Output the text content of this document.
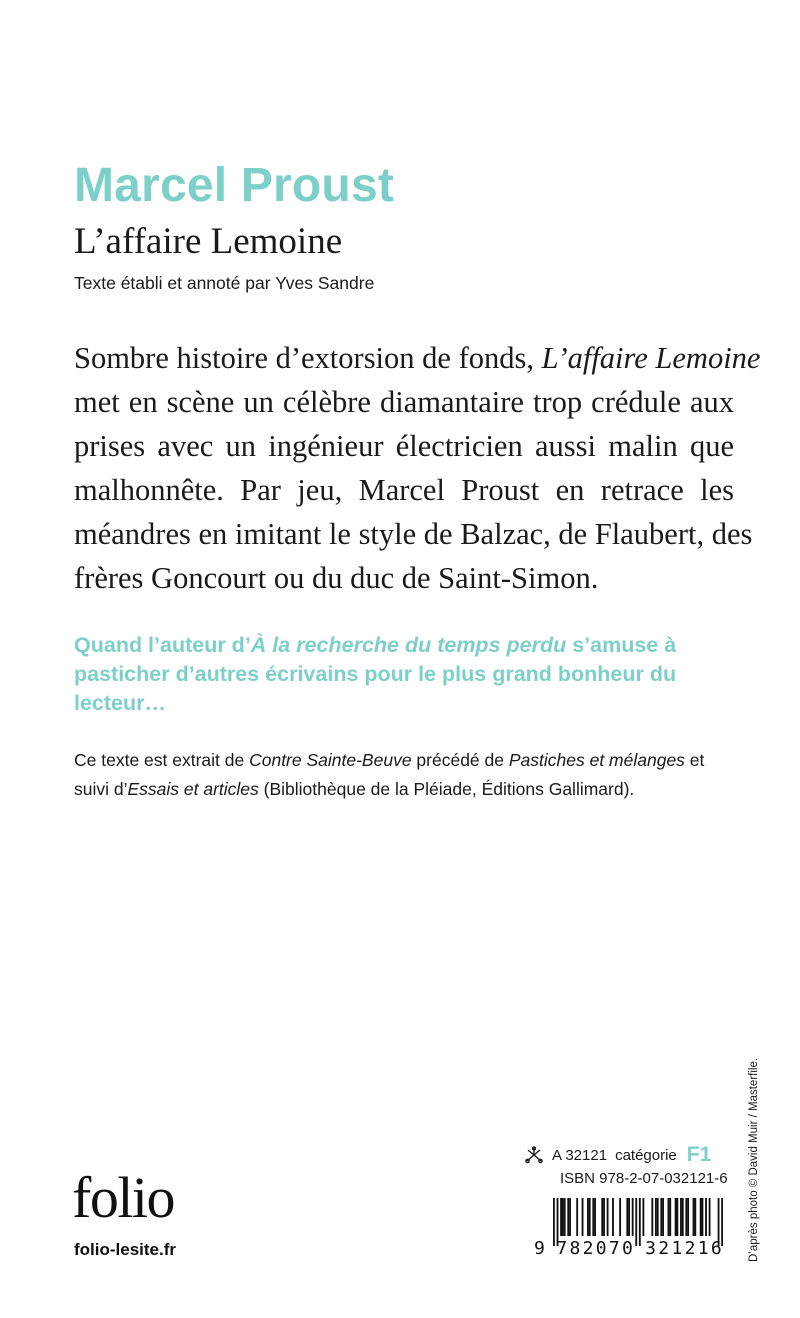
Marcel Proust
L’affaire Lemoine
Texte établi et annoté par Yves Sandre

Sombre histoire d’extorsion de fonds, L’affaire Lemoine
met en scène un célèbre diamantaire trop crédule aux
prises avec un ingénieur électricien aussi malin que
malhonnête. Par jeu, Marcel Proust en retrace les
méandres en imitant le style de Balzac, de Flaubert, des
frères Goncourt ou du duc de Saint-Simon.

Quand l’auteur d’À la recherche du temps perdu s’amuse à
pasticher d’autres écrivains pour le plus grand bonheur du
lecteur…

Ce texte est extrait de Contre Sainte-Beuve précédé de Pastiches et mélanges et
suivi d’Essais et articles (Bibliothèque de la Pléiade, Éditions Gallimard).

folio
folio-lesite.fr
A 32121 catégorie F1
ISBN 978-2-07-032121-6
9 782070 321216 D’après photo © David Muir / Masterfile.
